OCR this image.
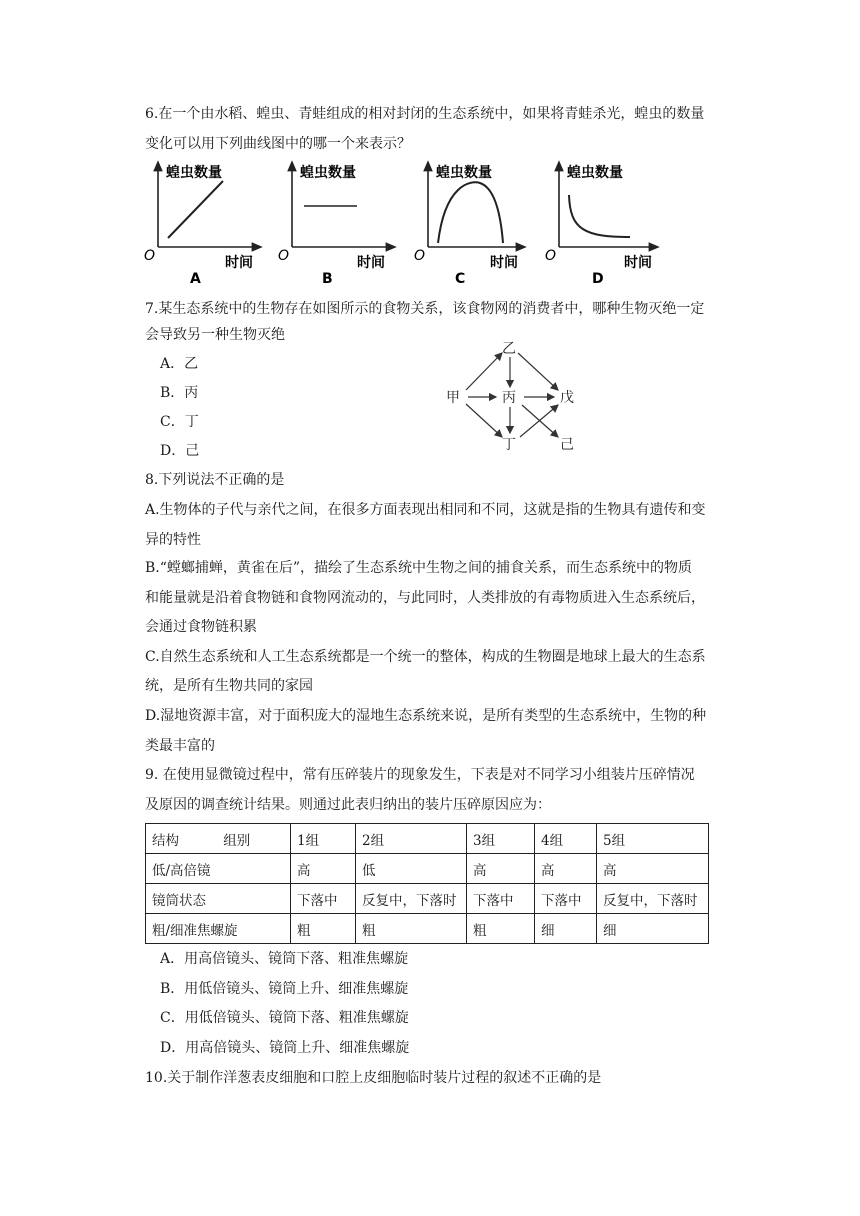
6.在一个由水稻、蝗虫、青蛙组成的相对封闭的生态系统中，如果将青蛙杀光，蝗虫的数量
变化可以用下列曲线图中的哪一个来表示？
蝗虫数量
O	时间
A
蝗虫数量
O	时间
B
蝗虫数量
O	时间
C
蝗虫数量
O	时间
D
7.某生态系统中的生物存在如图所示的食物关系，该食物网的消费者中，哪种生物灭绝一定
会导致另一种生物灭绝
A．乙
B．丙
C．丁
D．己
甲
乙
丙
丁
戊
己
8.下列说法不正确的是
A.生物体的子代与亲代之间，在很多方面表现出相同和不同，这就是指的生物具有遗传和变
异的特性
B.“螳螂捕蝉，黄雀在后”，描绘了生态系统中生物之间的捕食关系，而生态系统中的物质
和能量就是沿着食物链和食物网流动的，与此同时，人类排放的有毒物质进入生态系统后，
会通过食物链积累
C.自然生态系统和人工生态系统都是一个统一的整体，构成的生物圈是地球上最大的生态系
统，是所有生物共同的家园
D.湿地资源丰富，对于面积庞大的湿地生态系统来说，是所有类型的生态系统中，生物的种
类最丰富的
9. 在使用显微镜过程中，常有压碎装片的现象发生，下表是对不同学习小组装片压碎情况
及原因的调查统计结果。则通过此表归纳出的装片压碎原因应为：
结构 组别	1组	2组	3组	4组	5组
低/高倍镜	高	低	高	高	高
镜筒状态	下落中	反复中，下落时	下落中	下落中	反复中，下落时
粗/细准焦螺旋	粗	粗	粗	细	细
A．用高倍镜头、镜筒下落、粗准焦螺旋
B．用低倍镜头、镜筒上升、细准焦螺旋
C．用低倍镜头、镜筒下落、粗准焦螺旋
D．用高倍镜头、镜筒上升、细准焦螺旋
10.关于制作洋葱表皮细胞和口腔上皮细胞临时装片过程的叙述不正确的是
